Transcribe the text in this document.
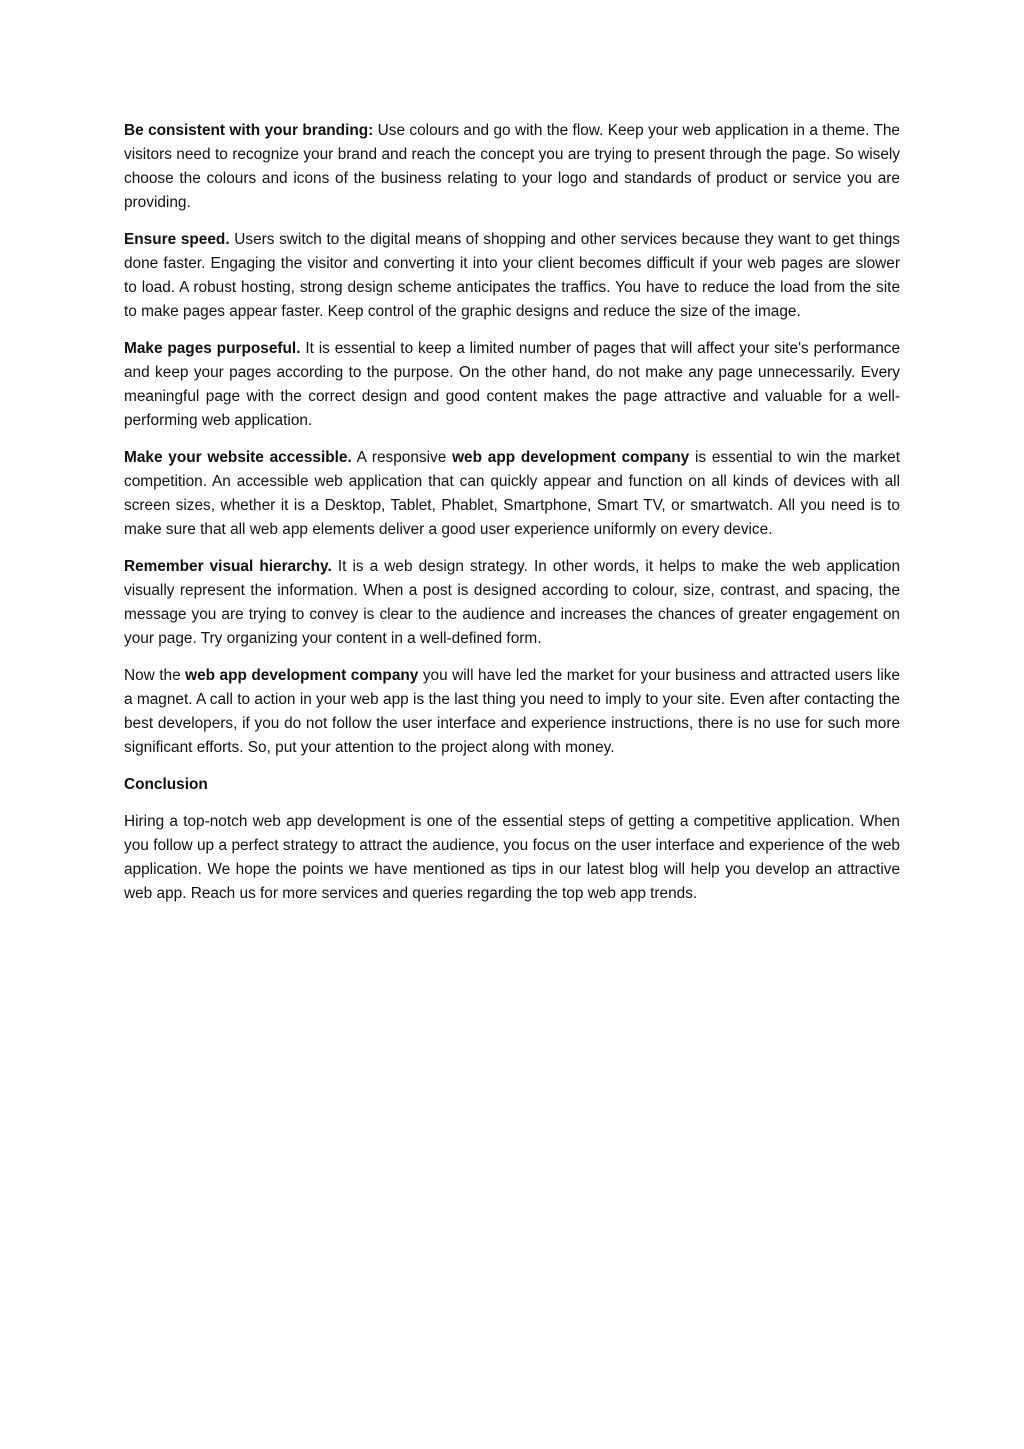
Be consistent with your branding: Use colours and go with the flow. Keep your web application in a theme. The visitors need to recognize your brand and reach the concept you are trying to present through the page. So wisely choose the colours and icons of the business relating to your logo and standards of product or service you are providing.

Ensure speed. Users switch to the digital means of shopping and other services because they want to get things done faster. Engaging the visitor and converting it into your client becomes difficult if your web pages are slower to load. A robust hosting, strong design scheme anticipates the traffics. You have to reduce the load from the site to make pages appear faster. Keep control of the graphic designs and reduce the size of the image.

Make pages purposeful. It is essential to keep a limited number of pages that will affect your site's performance and keep your pages according to the purpose. On the other hand, do not make any page unnecessarily. Every meaningful page with the correct design and good content makes the page attractive and valuable for a well-performing web application.

Make your website accessible. A responsive web app development company is essential to win the market competition. An accessible web application that can quickly appear and function on all kinds of devices with all screen sizes, whether it is a Desktop, Tablet, Phablet, Smartphone, Smart TV, or smartwatch. All you need is to make sure that all web app elements deliver a good user experience uniformly on every device.

Remember visual hierarchy. It is a web design strategy. In other words, it helps to make the web application visually represent the information. When a post is designed according to colour, size, contrast, and spacing, the message you are trying to convey is clear to the audience and increases the chances of greater engagement on your page. Try organizing your content in a well-defined form.

Now the web app development company you will have led the market for your business and attracted users like a magnet. A call to action in your web app is the last thing you need to imply to your site. Even after contacting the best developers, if you do not follow the user interface and experience instructions, there is no use for such more significant efforts. So, put your attention to the project along with money.

Conclusion

Hiring a top-notch web app development is one of the essential steps of getting a competitive application. When you follow up a perfect strategy to attract the audience, you focus on the user interface and experience of the web application. We hope the points we have mentioned as tips in our latest blog will help you develop an attractive web app. Reach us for more services and queries regarding the top web app trends.
